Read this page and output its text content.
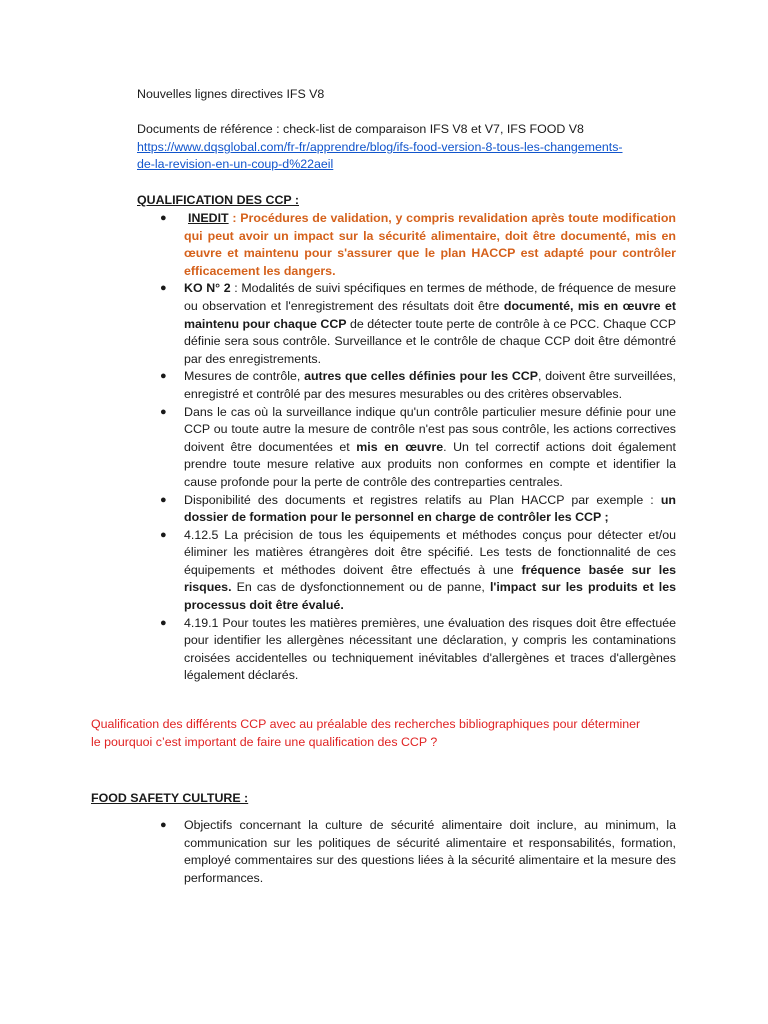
Nouvelles lignes directives IFS V8
Documents de référence : check-list de comparaison IFS V8 et V7, IFS FOOD V8
https://www.dqsglobal.com/fr-fr/apprendre/blog/ifs-food-version-8-tous-les-changements-
de-la-revision-en-un-coup-d%22aeil
QUALIFICATION DES CCP :
● INEDIT : Procédures de validation, y compris revalidation après toute modification qui peut avoir un impact sur la sécurité alimentaire, doit être documenté, mis en œuvre et maintenu pour s'assurer que le plan HACCP est adapté pour contrôler efficacement les dangers.
● KO N° 2 : Modalités de suivi spécifiques en termes de méthode, de fréquence de mesure ou observation et l'enregistrement des résultats doit être documenté, mis en œuvre et maintenu pour chaque CCP de détecter toute perte de contrôle à ce PCC. Chaque CCP définie sera sous contrôle. Surveillance et le contrôle de chaque CCP doit être démontré par des enregistrements.
● Mesures de contrôle, autres que celles définies pour les CCP, doivent être surveillées, enregistré et contrôlé par des mesures mesurables ou des critères observables.
● Dans le cas où la surveillance indique qu'un contrôle particulier mesure définie pour une CCP ou toute autre la mesure de contrôle n'est pas sous contrôle, les actions correctives doivent être documentées et mis en œuvre. Un tel correctif actions doit également prendre toute mesure relative aux produits non conformes en compte et identifier la cause profonde pour la perte de contrôle des contreparties centrales.
● Disponibilité des documents et registres relatifs au Plan HACCP par exemple : un dossier de formation pour le personnel en charge de contrôler les CCP ;
● 4.12.5 La précision de tous les équipements et méthodes conçus pour détecter et/ou éliminer les matières étrangères doit être spécifié. Les tests de fonctionnalité de ces équipements et méthodes doivent être effectués à une fréquence basée sur les risques. En cas de dysfonctionnement ou de panne, l'impact sur les produits et les processus doit être évalué.
● 4.19.1 Pour toutes les matières premières, une évaluation des risques doit être effectuée pour identifier les allergènes nécessitant une déclaration, y compris les contaminations croisées accidentelles ou techniquement inévitables d'allergènes et traces d'allergènes légalement déclarés.
Qualification des différents CCP avec au préalable des recherches bibliographiques pour déterminer
le pourquoi c’est important de faire une qualification des CCP ?
FOOD SAFETY CULTURE :
● Objectifs concernant la culture de sécurité alimentaire doit inclure, au minimum, la communication sur les politiques de sécurité alimentaire et responsabilités, formation, employé commentaires sur des questions liées à la sécurité alimentaire et la mesure des performances.
